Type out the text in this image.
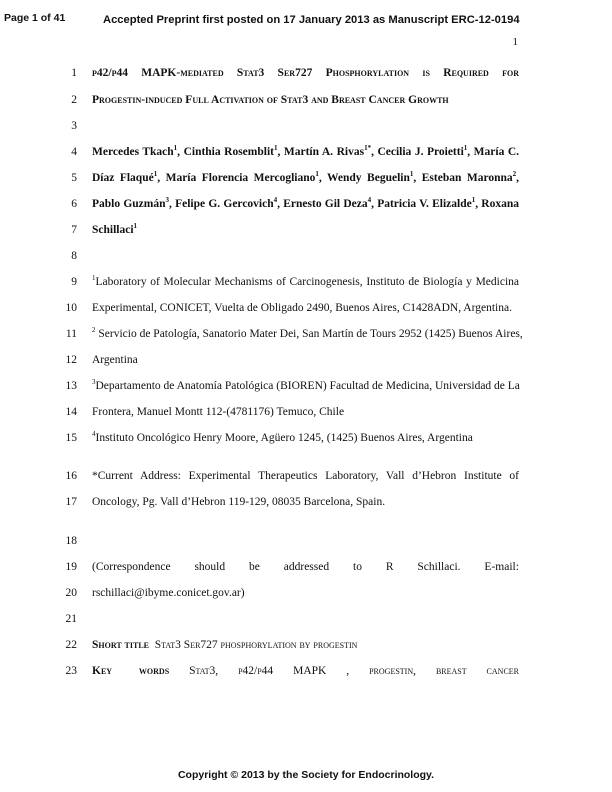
Page 1 of 41	Accepted Preprint first posted on 17 January 2013 as Manuscript ERC-12-0194
1
1
2
3
4
5
6
7
8
9
10
11
12
13
14
15
16
17
18
19
20
21
22
23
p42/p44 MAPK-mediated Stat3 Ser727 Phosphorylation is Required for
Progestin-induced Full Activation of Stat3 and Breast Cancer Growth
Mercedes Tkach$^1$, Cinthia Rosemblit$^1$, Martín A. Rivas$^{1*}$, Cecilia J. Proietti$^1$, María C.
Díaz Flaqué$^1$, María Florencia Mercogliano$^1$, Wendy Beguelin$^1$, Esteban Maronna$^2$,
Pablo Guzmán$^3$, Felipe G. Gercovich$^4$, Ernesto Gil Deza$^4$, Patricia V. Elizalde$^1$, Roxana
Schillaci$^1$
$^1$Laboratory of Molecular Mechanisms of Carcinogenesis, Instituto de Biología y Medicina
Experimental, CONICET, Vuelta de Obligado 2490, Buenos Aires, C1428ADN, Argentina.
$^2$ Servicio de Patología, Sanatorio Mater Dei, San Martín de Tours 2952 (1425) Buenos Aires,
Argentina
$^3$Departamento de Anatomía Patológica (BIOREN) Facultad de Medicina, Universidad de La
Frontera, Manuel Montt 112-(4781176) Temuco, Chile
$^4$Instituto Oncológico Henry Moore, Agüero 1245, (1425) Buenos Aires, Argentina
*Current Address: Experimental Therapeutics Laboratory, Vall d’Hebron Institute of
Oncology, Pg. Vall d’Hebron 119-129, 08035 Barcelona, Spain.
(Correspondence should be addressed to R Schillaci. E-mail:
rschillaci@ibyme.conicet.gov.ar)
Short title Stat3 Ser727 phosphorylation by progestin
Key words Stat3, p42/p44 MAPK , progestin, breast cancer
Copyright © 2013 by the Society for Endocrinology.
